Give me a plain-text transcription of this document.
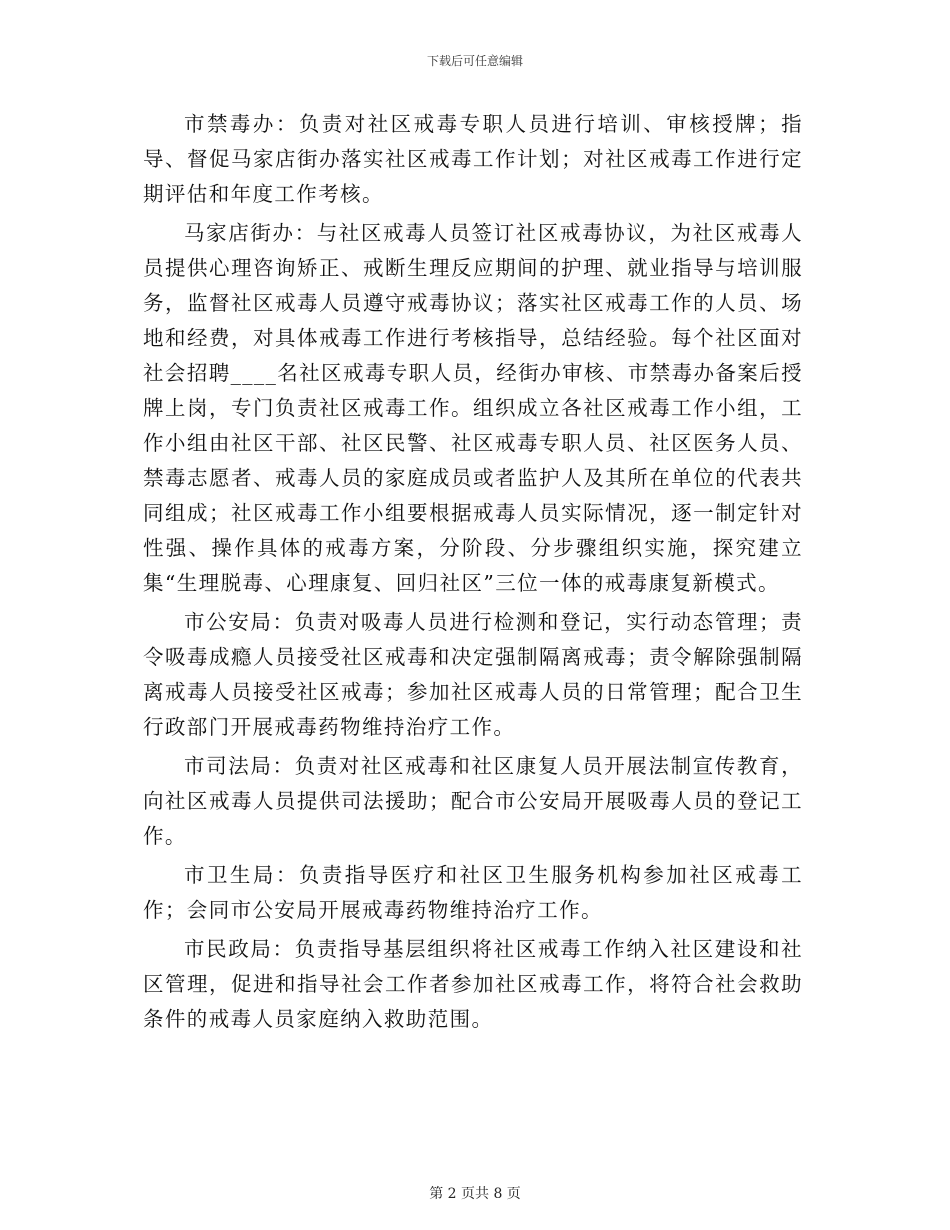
下载后可任意编辑

市禁毒办：负责对社区戒毒专职人员进行培训、审核授牌；指导、督促马家店街办落实社区戒毒工作计划；对社区戒毒工作进行定期评估和年度工作考核。

马家店街办：与社区戒毒人员签订社区戒毒协议，为社区戒毒人员提供心理咨询矫正、戒断生理反应期间的护理、就业指导与培训服务，监督社区戒毒人员遵守戒毒协议；落实社区戒毒工作的人员、场地和经费，对具体戒毒工作进行考核指导，总结经验。每个社区面对社会招聘____名社区戒毒专职人员，经街办审核、市禁毒办备案后授牌上岗，专门负责社区戒毒工作。组织成立各社区戒毒工作小组，工作小组由社区干部、社区民警、社区戒毒专职人员、社区医务人员、禁毒志愿者、戒毒人员的家庭成员或者监护人及其所在单位的代表共同组成；社区戒毒工作小组要根据戒毒人员实际情况，逐一制定针对性强、操作具体的戒毒方案，分阶段、分步骤组织实施，探究建立集“生理脱毒、心理康复、回归社区”三位一体的戒毒康复新模式。

市公安局：负责对吸毒人员进行检测和登记，实行动态管理；责令吸毒成瘾人员接受社区戒毒和决定强制隔离戒毒；责令解除强制隔离戒毒人员接受社区戒毒；参加社区戒毒人员的日常管理；配合卫生行政部门开展戒毒药物维持治疗工作。

市司法局：负责对社区戒毒和社区康复人员开展法制宣传教育，向社区戒毒人员提供司法援助；配合市公安局开展吸毒人员的登记工作。

市卫生局：负责指导医疗和社区卫生服务机构参加社区戒毒工作；会同市公安局开展戒毒药物维持治疗工作。

市民政局：负责指导基层组织将社区戒毒工作纳入社区建设和社区管理，促进和指导社会工作者参加社区戒毒工作，将符合社会救助条件的戒毒人员家庭纳入救助范围。

第 2 页共 8 页
